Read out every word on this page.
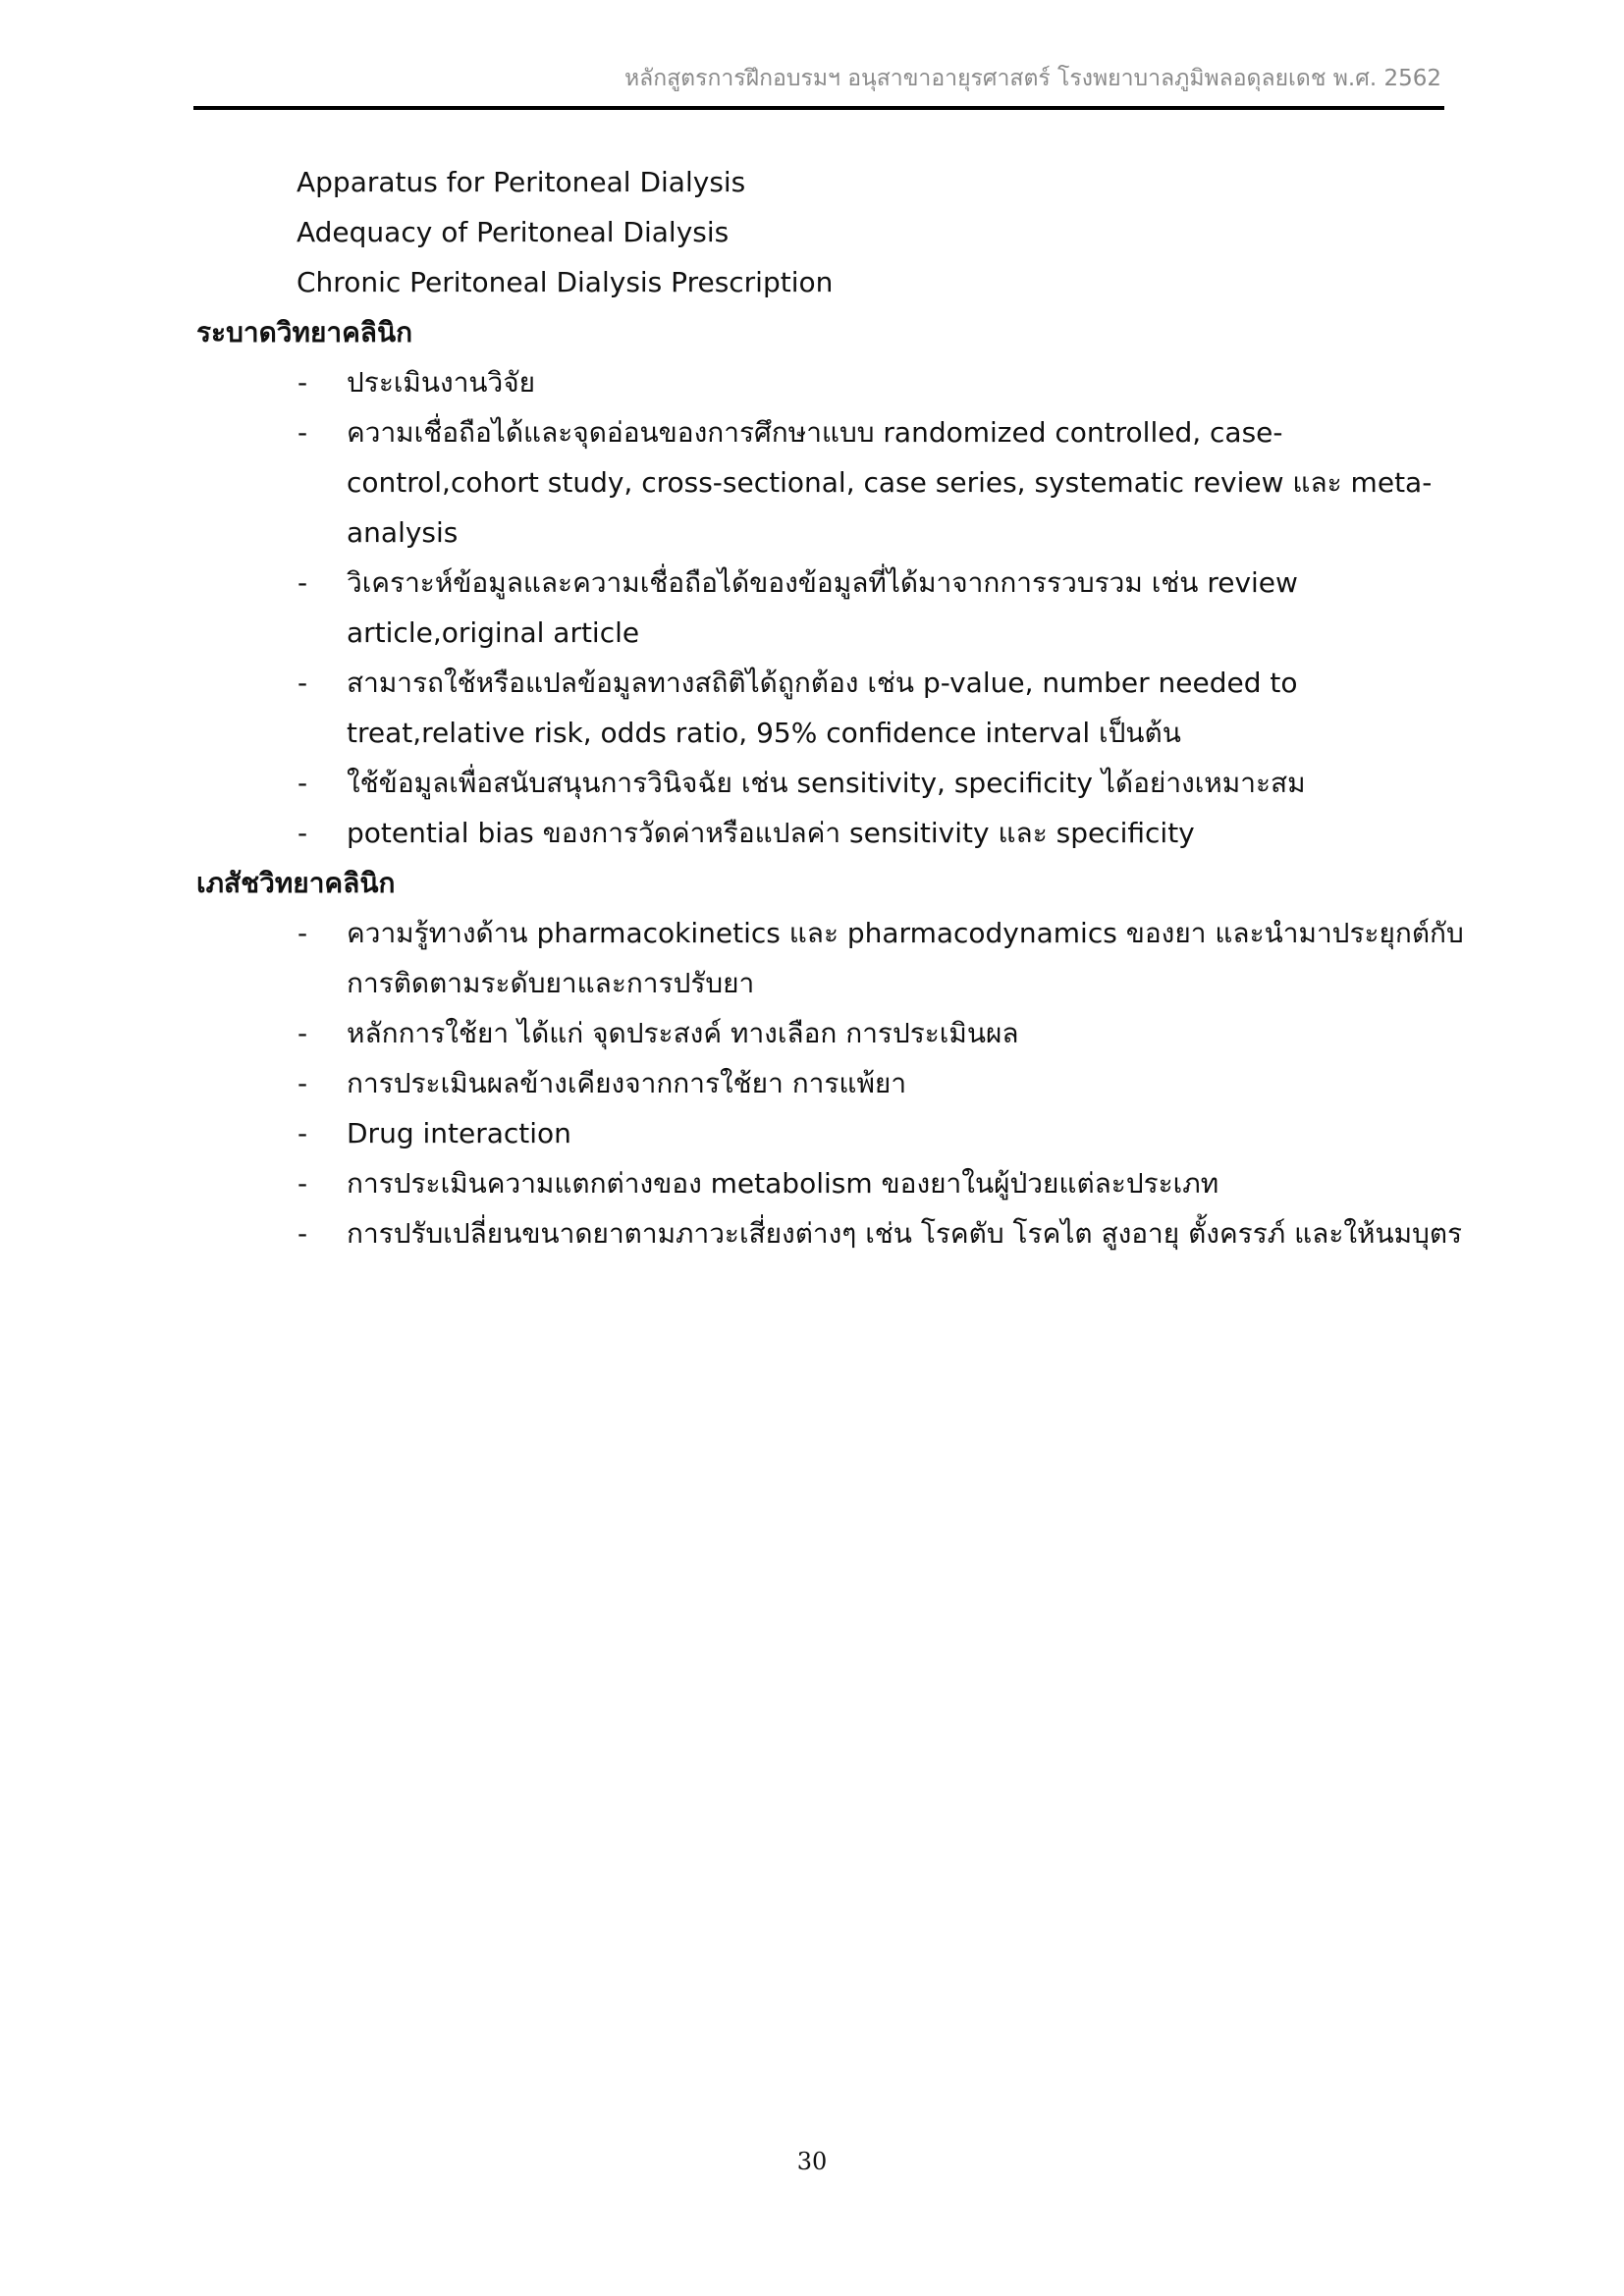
หลักสูตรการฝึกอบรมฯ อนุสาขาอายุรศาสตร์ โรงพยาบาลภูมิพลอดุลยเดช พ.ศ. 2562
Apparatus for Peritoneal Dialysis
Adequacy of Peritoneal Dialysis
Chronic Peritoneal Dialysis Prescription
ระบาดวิทยาคลินิก
- ประเมินงานวิจัย
- ความเชื่อถือได้และจุดอ่อนของการศึกษาแบบ randomized controlled, case-
control,cohort study, cross-sectional, case series, systematic review และ meta-
analysis
- วิเคราะห์ข้อมูลและความเชื่อถือได้ของข้อมูลที่ได้มาจากการรวบรวม เช่น review
article,original article
- สามารถใช้หรือแปลข้อมูลทางสถิติได้ถูกต้อง เช่น p-value, number needed to
treat,relative risk, odds ratio, 95% confidence interval เป็นต้น
- ใช้ข้อมูลเพื่อสนับสนุนการวินิจฉัย เช่น sensitivity, specificity ได้อย่างเหมาะสม
- potential bias ของการวัดค่าหรือแปลค่า sensitivity และ specificity
เภสัชวิทยาคลินิก
- ความรู้ทางด้าน pharmacokinetics และ pharmacodynamics ของยา และนำมาประยุกต์กับ
การติดตามระดับยาและการปรับยา
- หลักการใช้ยา ได้แก่ จุดประสงค์ ทางเลือก การประเมินผล
- การประเมินผลข้างเคียงจากการใช้ยา การแพ้ยา
- Drug interaction
- การประเมินความแตกต่างของ metabolism ของยาในผู้ป่วยแต่ละประเภท
- การปรับเปลี่ยนขนาดยาตามภาวะเสี่ยงต่างๆ เช่น โรคตับ โรคไต สูงอายุ ตั้งครรภ์ และให้นมบุตร
30
